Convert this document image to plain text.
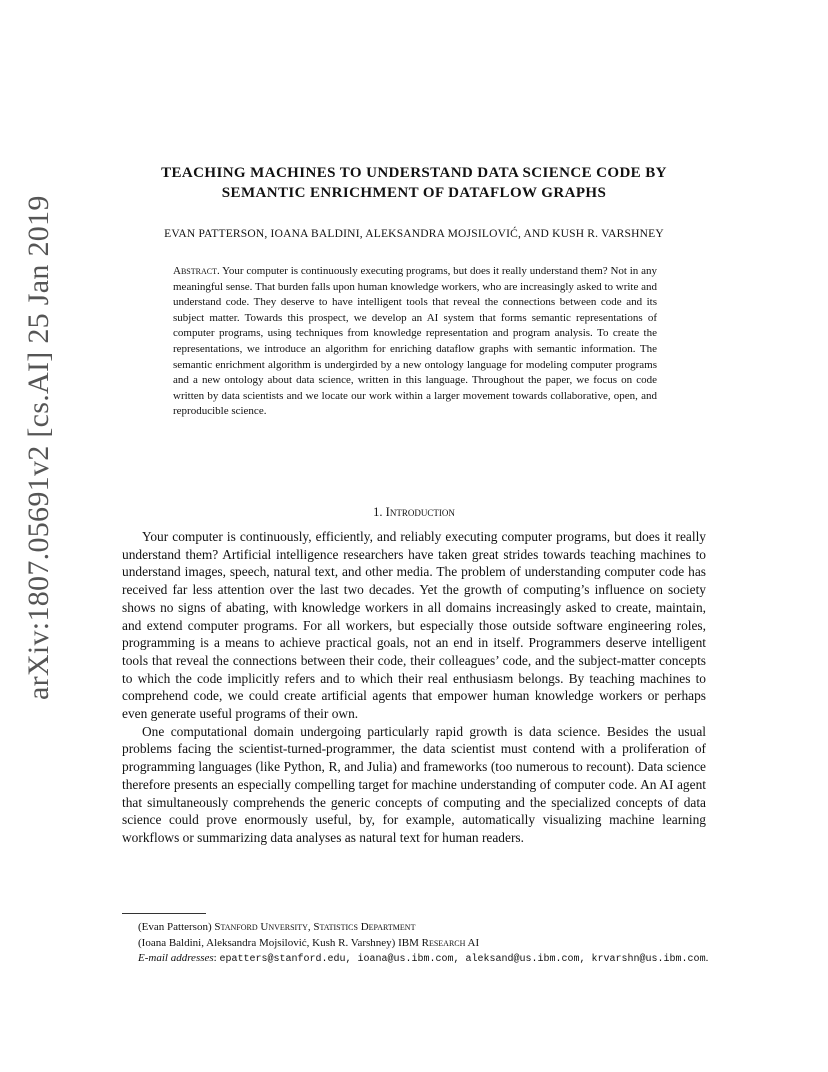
arXiv:1807.05691v2 [cs.AI] 25 Jan 2019
TEACHING MACHINES TO UNDERSTAND DATA SCIENCE CODE BY
SEMANTIC ENRICHMENT OF DATAFLOW GRAPHS
EVAN PATTERSON, IOANA BALDINI, ALEKSANDRA MOJSILOVIĆ, AND KUSH R. VARSHNEY
Abstract. Your computer is continuously executing programs, but does it really understand them? Not in any meaningful sense. That burden falls upon human knowledge workers, who are increasingly asked to write and understand code. They deserve to have intelligent tools that reveal the connections between code and its subject matter. Towards this prospect, we develop an AI system that forms semantic representations of computer programs, using techniques from knowledge representation and program analysis. To create the representations, we introduce an algorithm for enriching dataflow graphs with semantic information. The semantic enrichment algorithm is undergirded by a new ontology language for modeling computer programs and a new ontology about data science, written in this language. Throughout the paper, we focus on code written by data scientists and we locate our work within a larger movement towards collaborative, open, and reproducible science.
1. Introduction

Your computer is continuously, efficiently, and reliably executing computer programs, but does it really understand them? Artificial intelligence researchers have taken great strides towards teaching machines to understand images, speech, natural text, and other media. The problem of understanding computer code has received far less attention over the last two decades. Yet the growth of computing’s influence on society shows no signs of abating, with knowledge workers in all domains increasingly asked to create, maintain, and extend computer programs. For all workers, but especially those outside software engineering roles, programming is a means to achieve practical goals, not an end in itself. Programmers deserve intelligent tools that reveal the connections between their code, their colleagues’ code, and the subject-matter concepts to which the code implicitly refers and to which their real enthusiasm belongs. By teaching machines to comprehend code, we could create artificial agents that empower human knowledge workers or perhaps even generate useful programs of their own.

One computational domain undergoing particularly rapid growth is data science. Besides the usual problems facing the scientist-turned-programmer, the data scientist must contend with a proliferation of programming languages (like Python, R, and Julia) and frameworks (too numerous to recount). Data science therefore presents an especially compelling target for machine understanding of computer code. An AI agent that simultaneously comprehends the generic concepts of computing and the specialized concepts of data science could prove enormously useful, by, for example, automatically visualizing machine learning workflows or summarizing data analyses as natural text for human readers.

(Evan Patterson) Stanford Unversity, Statistics Department
(Ioana Baldini, Aleksandra Mojsilović, Kush R. Varshney) IBM Research AI
E-mail addresses: epatters@stanford.edu, ioana@us.ibm.com, aleksand@us.ibm.com, krvarshn@us.ibm.com.
